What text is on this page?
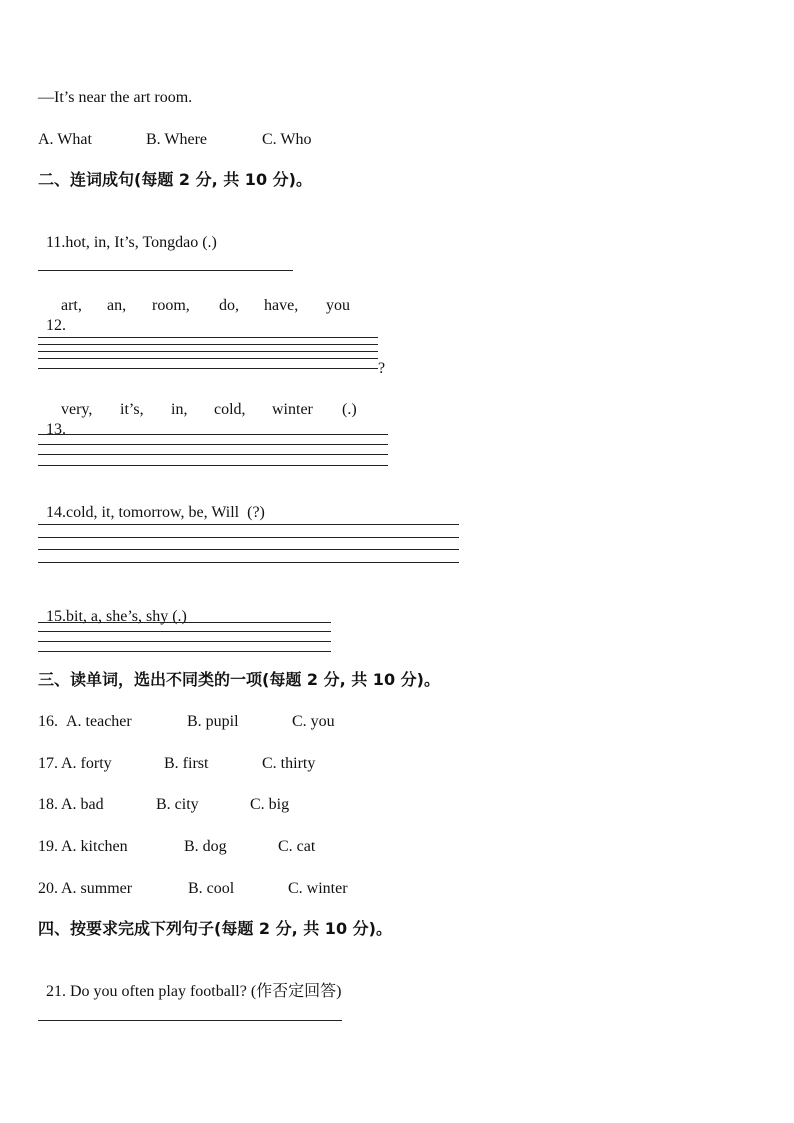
—It’s near the art room.
A. What	B. Where	C. Who
二、连词成句(每题 2 分, 共 10 分)。

11.hot, in, It’s, Tongdao (.)

12.

art, an, room, do, have, you
?

13.

very, it’s, in, cold, winter (.)

14.cold, it, tomorrow, be, Will  (?)

15.bit, a, she’s, shy (.)

三、读单词，选出不同类的一项(每题 2 分, 共 10 分)。
16. A. teacher	B. pupil	C. you
17. A. forty	B. first	C. thirty
18. A. bad	B. city	C. big
19. A. kitchen	B. dog	C. cat
20. A. summer	B. cool	C. winter
四、按要求完成下列句子(每题 2 分, 共 10 分)。

21. Do you often play football? (作否定回答)
